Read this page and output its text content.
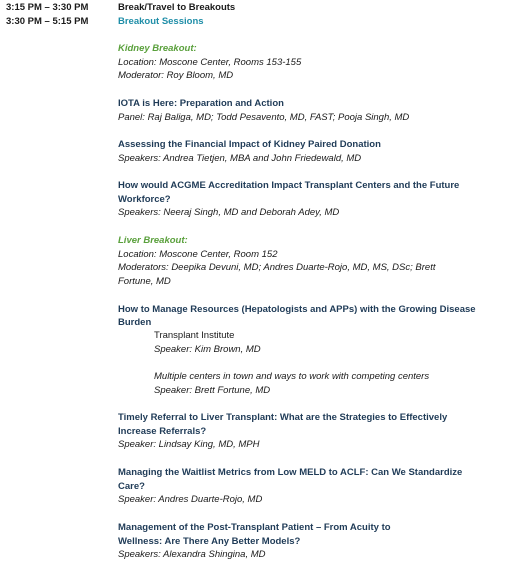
3:15 PM – 3:30 PM	Break/Travel to Breakouts
3:30 PM – 5:15 PM	Breakout Sessions
Kidney Breakout:
Location: Moscone Center, Rooms 153-155
Moderator: Roy Bloom, MD
IOTA is Here: Preparation and Action
Panel: Raj Baliga, MD; Todd Pesavento, MD, FAST; Pooja Singh, MD
Assessing the Financial Impact of Kidney Paired Donation
Speakers: Andrea Tietjen, MBA and John Friedewald, MD
How would ACGME Accreditation Impact Transplant Centers and the Future
Workforce?
Speakers: Neeraj Singh, MD and Deborah Adey, MD
Liver Breakout:
Location: Moscone Center, Room 152
Moderators: Deepika Devuni, MD; Andres Duarte-Rojo, MD, MS, DSc; Brett
Fortune, MD
How to Manage Resources (Hepatologists and APPs) with the Growing Disease
Burden
Transplant Institute
Speaker: Kim Brown, MD
Multiple centers in town and ways to work with competing centers
Speaker: Brett Fortune, MD
Timely Referral to Liver Transplant: What are the Strategies to Effectively
Increase Referrals?
Speaker: Lindsay King, MD, MPH
Managing the Waitlist Metrics from Low MELD to ACLF: Can We Standardize
Care?
Speaker: Andres Duarte-Rojo, MD
Management of the Post-Transplant Patient – From Acuity to
Wellness: Are There Any Better Models?
Speakers: Alexandra Shingina, MD
